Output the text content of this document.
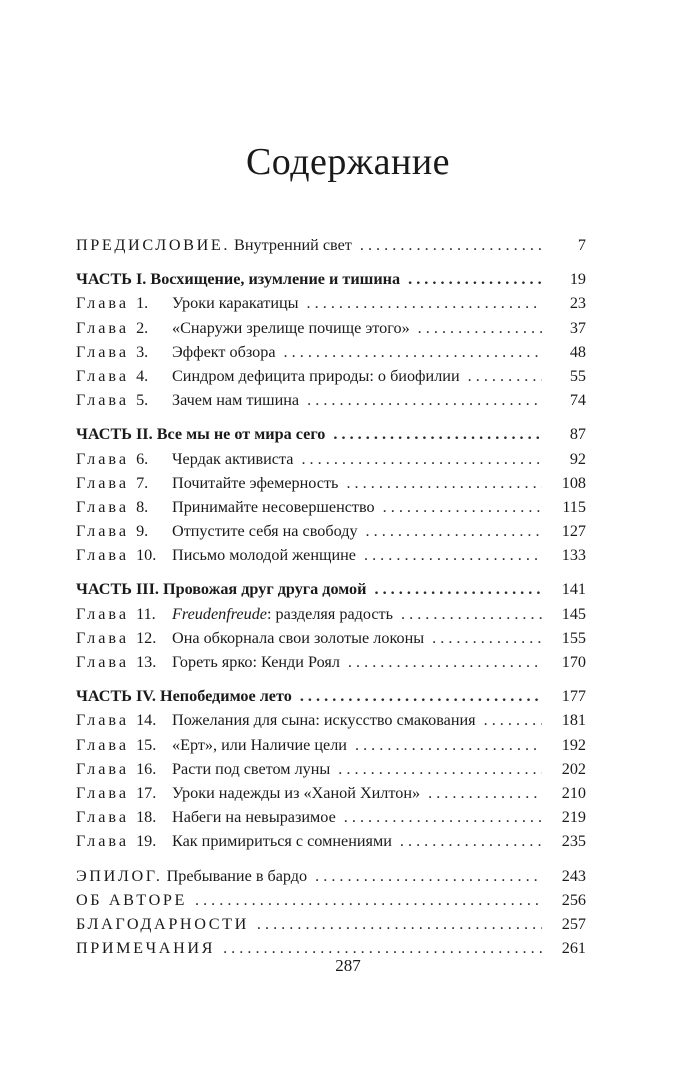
Содержание
ПРЕДИСЛОВИЕ. Внутренний свет . . .	7
ЧАСТЬ I. Восхищение, изумление и тишина . . .	19
Глава 1. Уроки каракатицы . . .	23
Глава 2. «Снаружи зрелище почище этого» . . .	37
Глава 3. Эффект обзора . . .	48
Глава 4. Синдром дефицита природы: о биофилии . . .	55
Глава 5. Зачем нам тишина . . .	74
ЧАСТЬ II. Все мы не от мира сего . . .	87
Глава 6. Чердак активиста . . .	92
Глава 7. Почитайте эфемерность . . .	108
Глава 8. Принимайте несовершенство . . .	115
Глава 9. Отпустите себя на свободу . . .	127
Глава 10. Письмо молодой женщине . . .	133
ЧАСТЬ III. Провожая друг друга домой . . .	141
Глава 11. Freudenfreude: разделяя радость . . .	145
Глава 12. Она обкорнала свои золотые локоны . . .	155
Глава 13. Гореть ярко: Кенди Роял . . .	170
ЧАСТЬ IV. Непобедимое лето . . .	177
Глава 14. Пожелания для сына: искусство смакования . . .	181
Глава 15. «Ерт», или Наличие цели . . .	192
Глава 16. Расти под светом луны . . .	202
Глава 17. Уроки надежды из «Ханой Хилтон» . . .	210
Глава 18. Набеги на невыразимое . . .	219
Глава 19. Как примириться с сомнениями . . .	235
ЭПИЛОГ. Пребывание в бардо . . .	243
ОБ АВТОРЕ . . .	256
БЛАГОДАРНОСТИ . . .	257
ПРИМЕЧАНИЯ . . .	261
287
